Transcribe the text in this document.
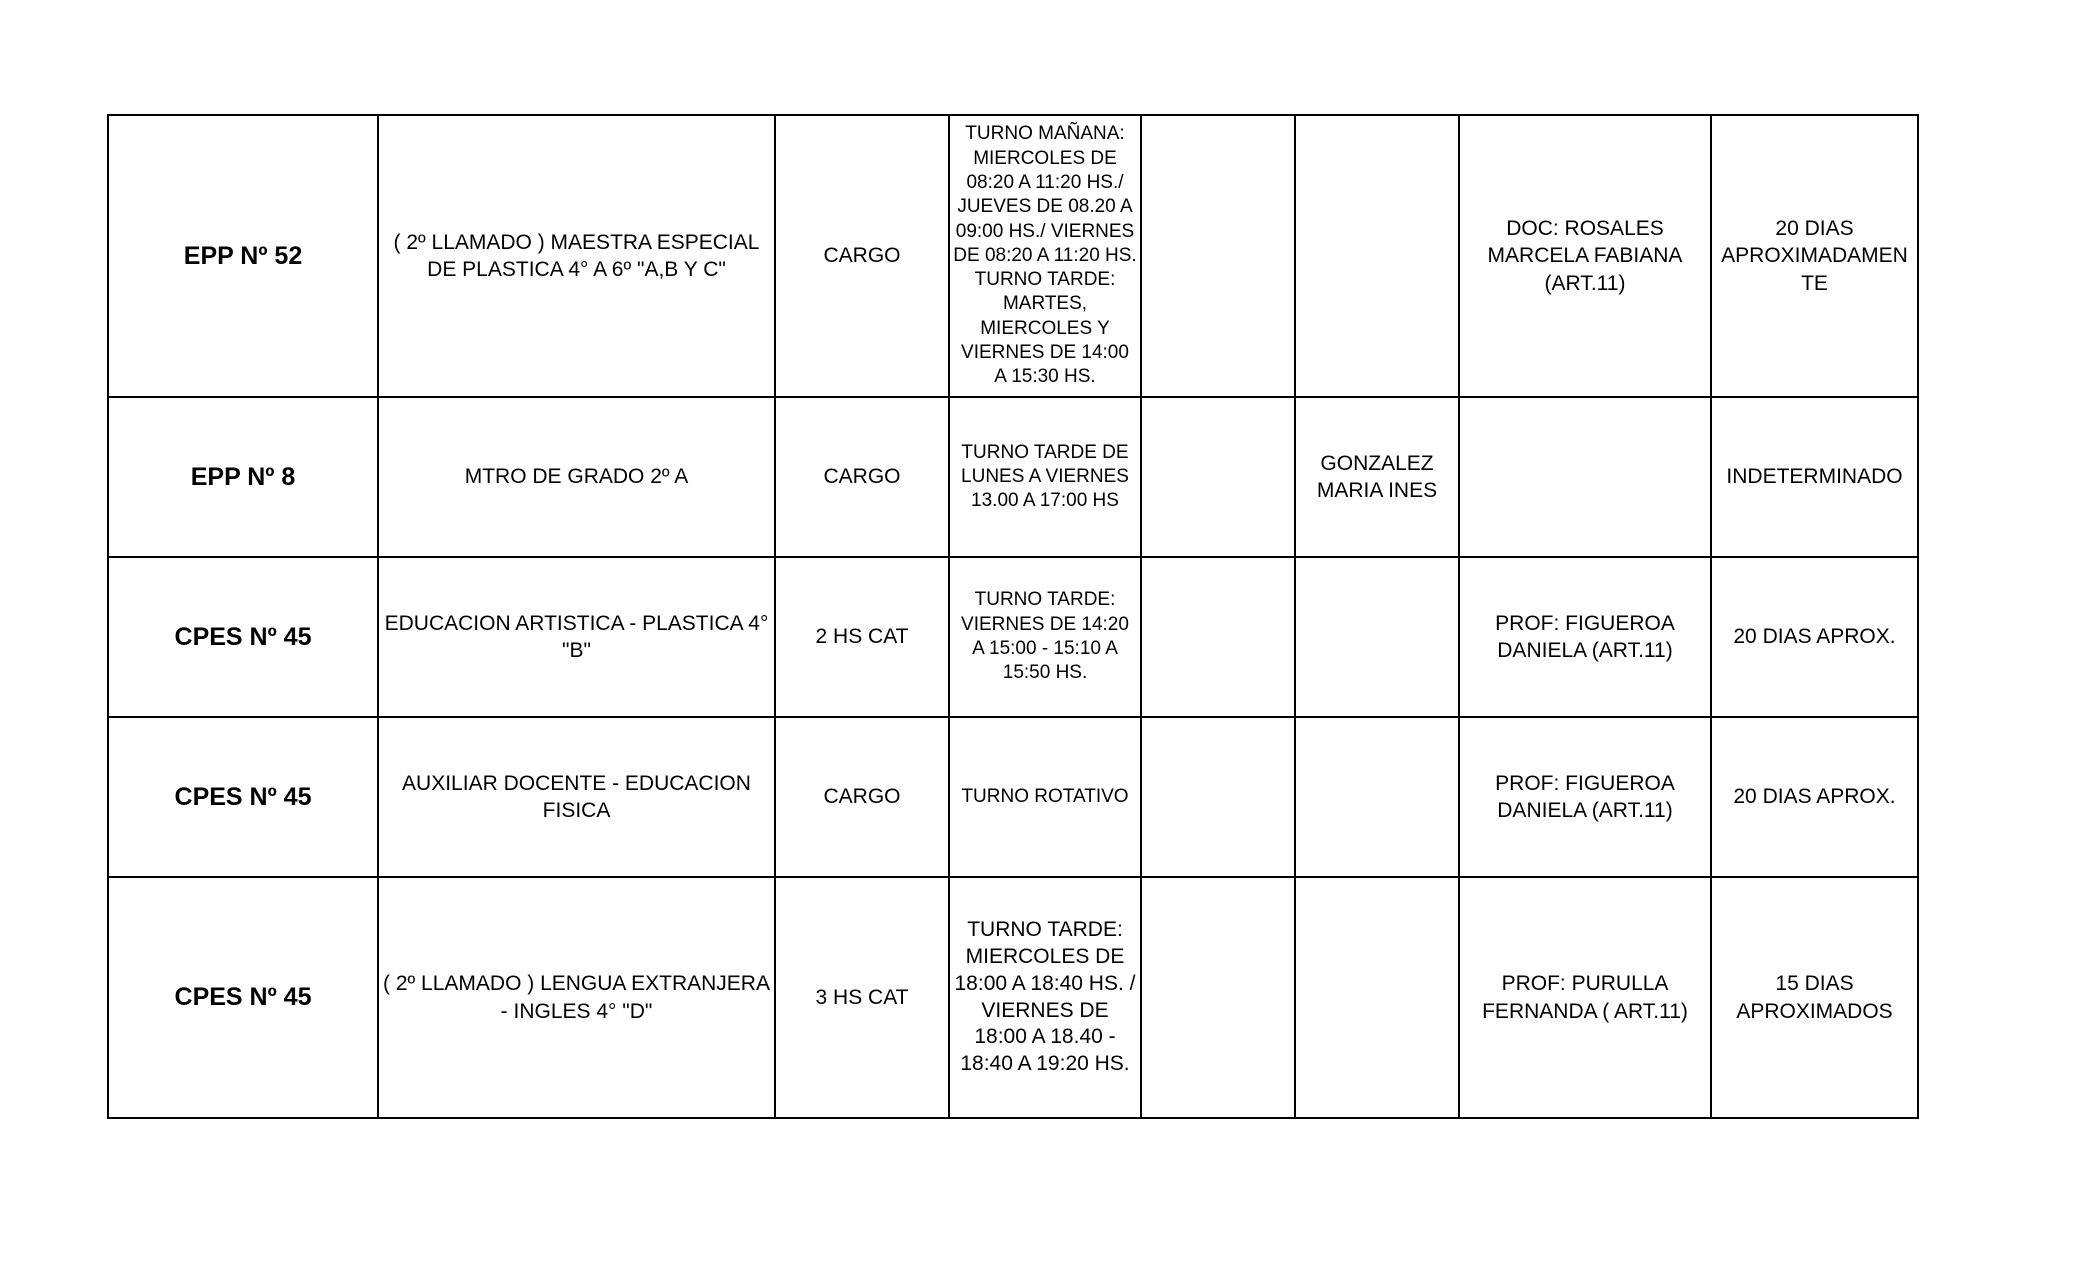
EPP Nº 52	( 2º LLAMADO ) MAESTRA ESPECIAL DE PLASTICA 4° A 6º "A,B Y C"	CARGO	TURNO MAÑANA: MIERCOLES DE 08:20 A 11:20 HS./ JUEVES DE 08.20 A 09:00 HS./ VIERNES DE 08:20 A 11:20 HS. TURNO TARDE: MARTES, MIERCOLES Y VIERNES DE 14:00 A 15:30 HS.			DOC: ROSALES MARCELA FABIANA (ART.11)	20 DIAS APROXIMADAMENTE
EPP Nº 8	MTRO DE GRADO 2º A	CARGO	TURNO TARDE DE LUNES A VIERNES 13.00 A 17:00 HS		GONZALEZ MARIA INES		INDETERMINADO
CPES Nº 45	EDUCACION ARTISTICA - PLASTICA 4° "B"	2 HS CAT	TURNO TARDE: VIERNES DE 14:20 A 15:00 - 15:10 A 15:50 HS.			PROF: FIGUEROA DANIELA (ART.11)	20 DIAS APROX.
CPES Nº 45	AUXILIAR DOCENTE - EDUCACION FISICA	CARGO	TURNO ROTATIVO			PROF: FIGUEROA DANIELA (ART.11)	20 DIAS APROX.
CPES Nº 45	( 2º LLAMADO ) LENGUA EXTRANJERA - INGLES 4° "D"	3 HS CAT	TURNO TARDE: MIERCOLES DE 18:00 A 18:40 HS. / VIERNES DE 18:00 A 18.40 - 18:40 A 19:20 HS.			PROF: PURULLA FERNANDA ( ART.11)	15 DIAS APROXIMADOS
